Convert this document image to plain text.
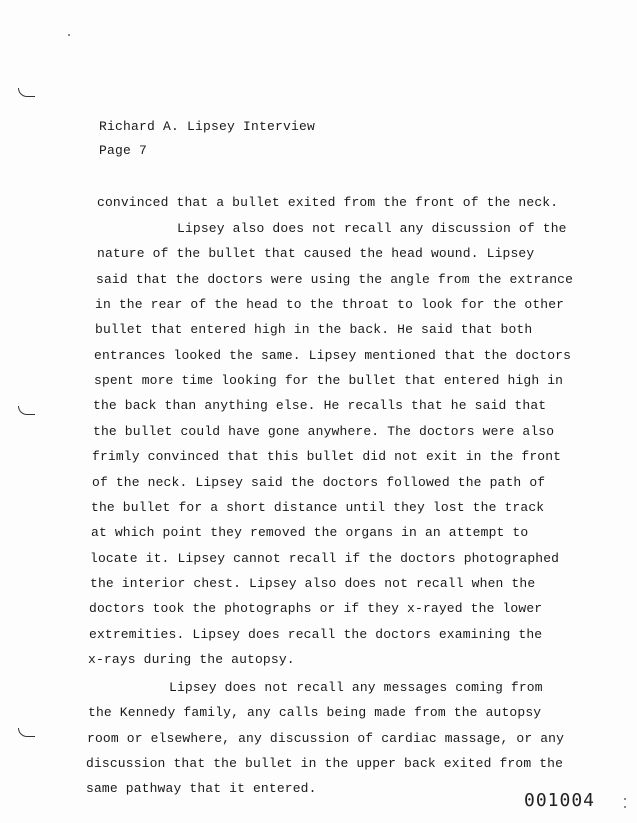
Richard A. Lipsey Interview
Page 7
convinced that a bullet exited from the front of the neck.
Lipsey also does not recall any discussion of the
nature of the bullet that caused the head wound. Lipsey
said that the doctors were using the angle from the extrance
in the rear of the head to the throat to look for the other
bullet that entered high in the back. He said that both
entrances looked the same. Lipsey mentioned that the doctors
spent more time looking for the bullet that entered high in
the back than anything else. He recalls that he said that
the bullet could have gone anywhere. The doctors were also
frimly convinced that this bullet did not exit in the front
of the neck. Lipsey said the doctors followed the path of
the bullet for a short distance until they lost the track
at which point they removed the organs in an attempt to
locate it. Lipsey cannot recall if the doctors photographed
the interior chest. Lipsey also does not recall when the
doctors took the photographs or if they x-rayed the lower
extremities. Lipsey does recall the doctors examining the
x-rays during the autopsy.
Lipsey does not recall any messages coming from
the Kennedy family, any calls being made from the autopsy
room or elsewhere, any discussion of cardiac massage, or any
discussion that the bullet in the upper back exited from the
same pathway that it entered.
001004
